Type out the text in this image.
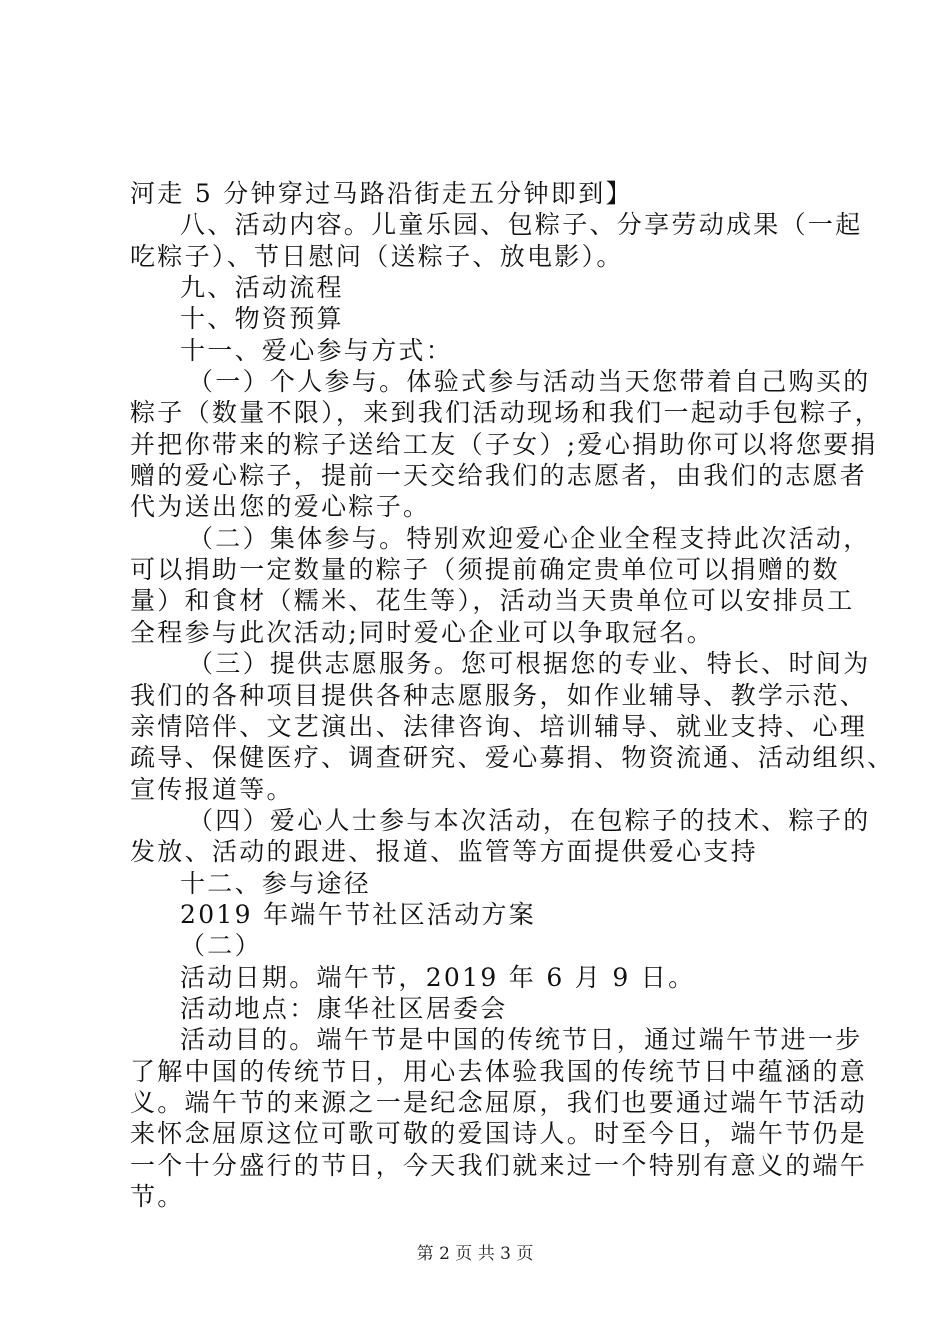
河走 5 分钟穿过马路沿街走五分钟即到】
八、活动内容。儿童乐园、包粽子、分享劳动成果（一起
吃粽子）、节日慰问（送粽子、放电影）。
九、活动流程
十、物资预算
十一、爱心参与方式：
（一）个人参与。体验式参与活动当天您带着自己购买的
粽子（数量不限），来到我们活动现场和我们一起动手包粽子，
并把你带来的粽子送给工友（子女）;爱心捐助你可以将您要捐
赠的爱心粽子，提前一天交给我们的志愿者，由我们的志愿者
代为送出您的爱心粽子。
（二）集体参与。特别欢迎爱心企业全程支持此次活动，
可以捐助一定数量的粽子（须提前确定贵单位可以捐赠的数
量）和食材（糯米、花生等），活动当天贵单位可以安排员工
全程参与此次活动;同时爱心企业可以争取冠名。
（三）提供志愿服务。您可根据您的专业、特长、时间为
我们的各种项目提供各种志愿服务，如作业辅导、教学示范、
亲情陪伴、文艺演出、法律咨询、培训辅导、就业支持、心理
疏导、保健医疗、调查研究、爱心募捐、物资流通、活动组织、
宣传报道等。
（四）爱心人士参与本次活动，在包粽子的技术、粽子的
发放、活动的跟进、报道、监管等方面提供爱心支持
十二、参与途径
2019 年端午节社区活动方案
（二）
活动日期。端午节，2019 年 6 月 9 日。
活动地点：康华社区居委会
活动目的。端午节是中国的传统节日，通过端午节进一步
了解中国的传统节日，用心去体验我国的传统节日中蕴涵的意
义。端午节的来源之一是纪念屈原，我们也要通过端午节活动
来怀念屈原这位可歌可敬的爱国诗人。时至今日，端午节仍是
一个十分盛行的节日，今天我们就来过一个特别有意义的端午
节。
第 2 页 共 3 页
